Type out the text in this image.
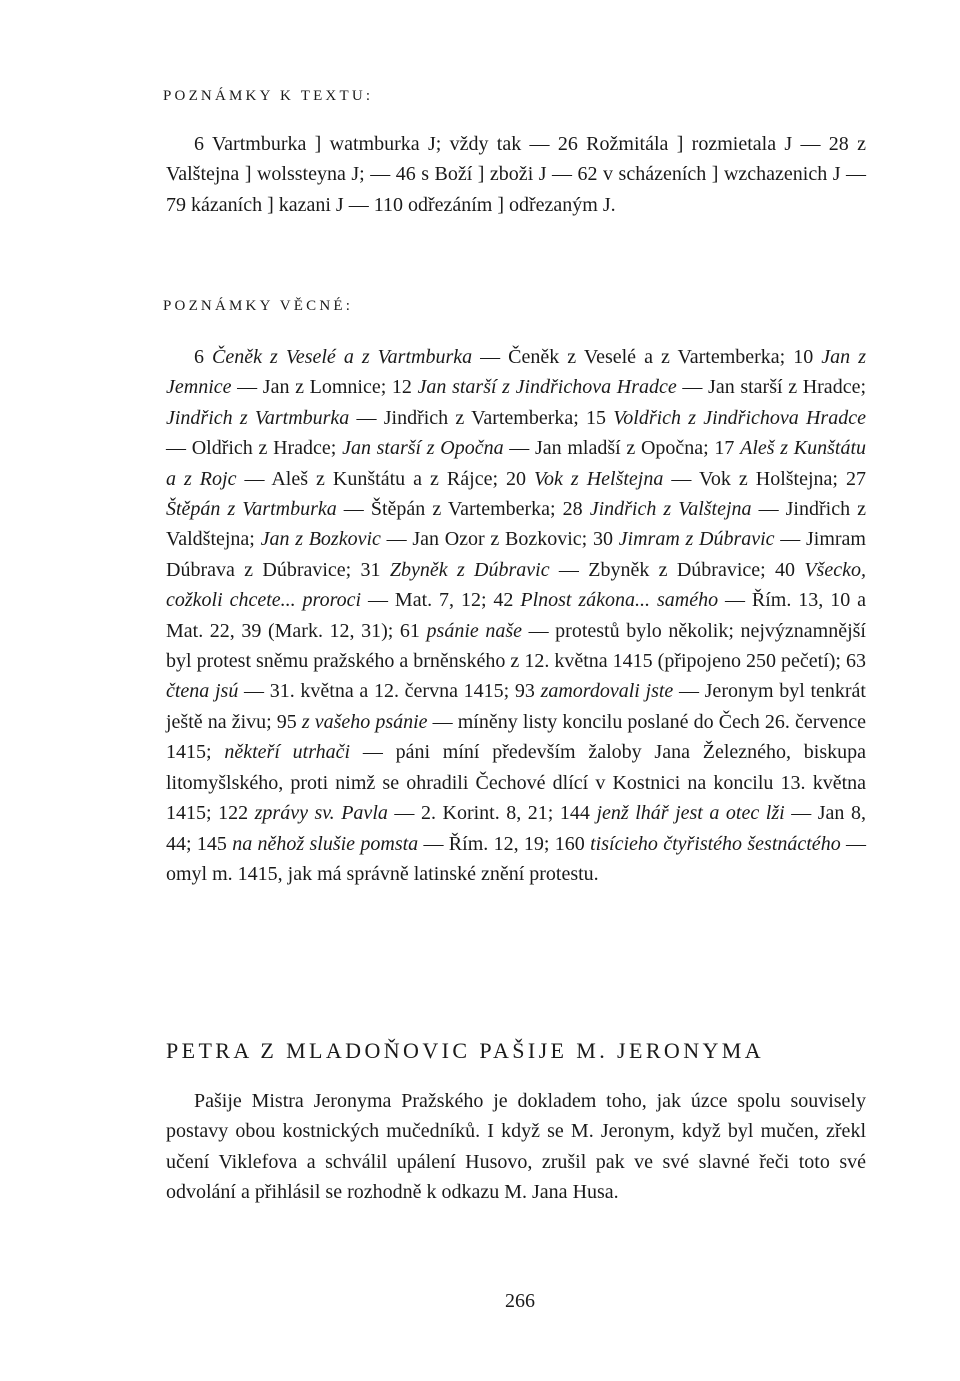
POZNÁMKY K TEXTU:

6 Vartmburka ] watmburka J; vždy tak — 26 Rožmitála ] rozmietala J — 28 z Valštejna ] wolssteyna J; — 46 s Boží ] zboži J — 62 v scházeních ] wzchazenich J — 79 kázaních ] kazani J — 110 odřezáním ] odřezaným J.

POZNÁMKY VĚCNÉ:

6 Čeněk z Veselé a z Vartmburka — Čeněk z Veselé a z Vartemberka; 10 Jan z Jemnice — Jan z Lomnice; 12 Jan starší z Jindřichova Hradce — Jan starší z Hradce; Jindřich z Vartmburka — Jindřich z Vartemberka; 15 Voldřich z Jindřichova Hradce — Oldřich z Hradce; Jan starší z Opočna — Jan mladší z Opočna; 17 Aleš z Kunštátu a z Rojc — Aleš z Kunštátu a z Rájce; 20 Vok z Helštejna — Vok z Holštejna; 27 Štěpán z Vartmburka — Štěpán z Vartemberka; 28 Jindřich z Valštejna — Jindřich z Valdštejna; Jan z Bozkovic — Jan Ozor z Bozkovic; 30 Jimram z Dúbravic — Jimram Dúbrava z Dúbravice; 31 Zbyněk z Dúbravic — Zbyněk z Dúbravice; 40 Všecko, cožkoli chcete... proroci — Mat. 7, 12; 42 Plnost zákona... samého — Řím. 13, 10 a Mat. 22, 39 (Mark. 12, 31); 61 psánie naše — protestů bylo několik; nejvýznamnější byl protest sněmu pražského a brněnského z 12. května 1415 (připojeno 250 pečetí); 63 čtena jsú — 31. května a 12. června 1415; 93 zamordovali jste — Jeronym byl tenkrát ještě na živu; 95 z vašeho psánie — míněny listy koncilu poslané do Čech 26. července 1415; někteří utrhači — páni míní především žaloby Jana Železného, biskupa litomyšlského, proti nimž se ohradili Čechové dlící v Kostnici na koncilu 13. května 1415; 122 zprávy sv. Pavla — 2. Korint. 8, 21; 144 jenž lhář jest a otec lži — Jan 8, 44; 145 na něhož slušie pomsta — Řím. 12, 19; 160 tisícieho čtyřistého šestnáctého — omyl m. 1415, jak má správně latinské znění protestu.

PETRA Z MLADOŇOVIC PAŠIJE M. JERONYMA

Pašije Mistra Jeronyma Pražského je dokladem toho, jak úzce spolu souvisely postavy obou kostnických mučedníků. I když se M. Jeronym, když byl mučen, zřekl učení Viklefova a schválil upálení Husovo, zrušil pak ve své slavné řeči toto své odvolání a přihlásil se rozhodně k odkazu M. Jana Husa.

266
